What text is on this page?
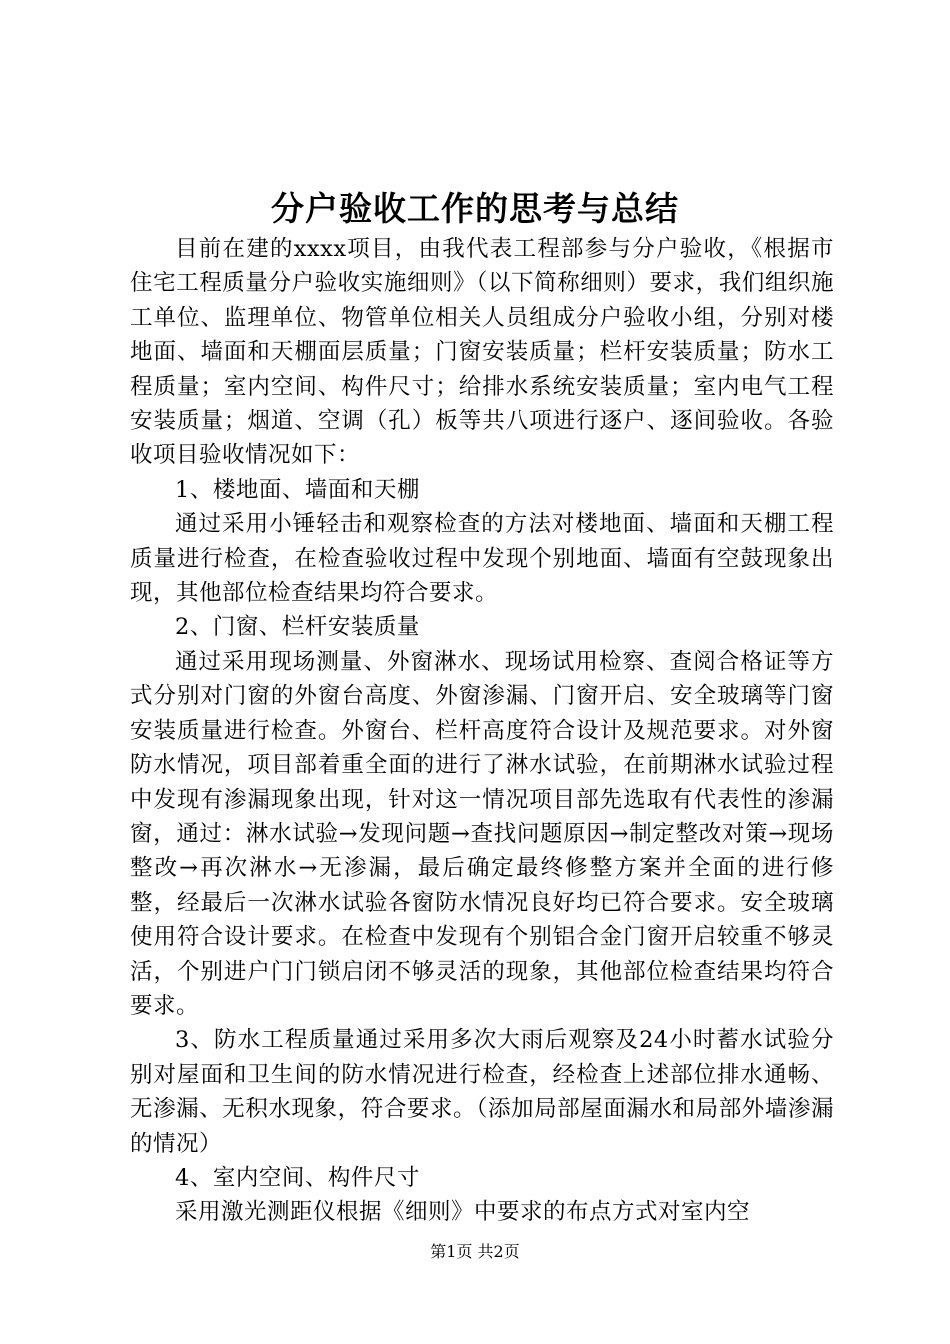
分户验收工作的思考与总结

目前在建的xxxx项目，由我代表工程部参与分户验收，《根据市住宅工程质量分户验收实施细则》（以下简称细则）要求，我们组织施工单位、监理单位、物管单位相关人员组成分户验收小组，分别对楼地面、墙面和天棚面层质量；门窗安装质量；栏杆安装质量；防水工程质量；室内空间、构件尺寸；给排水系统安装质量；室内电气工程安装质量；烟道、空调（孔）板等共八项进行逐户、逐间验收。各验收项目验收情况如下：

1、楼地面、墙面和天棚

通过采用小锤轻击和观察检查的方法对楼地面、墙面和天棚工程质量进行检查，在检查验收过程中发现个别地面、墙面有空鼓现象出现，其他部位检查结果均符合要求。

2、门窗、栏杆安装质量

通过采用现场测量、外窗淋水、现场试用检察、查阅合格证等方式分别对门窗的外窗台高度、外窗渗漏、门窗开启、安全玻璃等门窗安装质量进行检查。外窗台、栏杆高度符合设计及规范要求。对外窗防水情况，项目部着重全面的进行了淋水试验，在前期淋水试验过程中发现有渗漏现象出现，针对这一情况项目部先选取有代表性的渗漏窗，通过：淋水试验→发现问题→查找问题原因→制定整改对策→现场整改→再次淋水→无渗漏，最后确定最终修整方案并全面的进行修整，经最后一次淋水试验各窗防水情况良好均已符合要求。安全玻璃使用符合设计要求。在检查中发现有个别铝合金门窗开启较重不够灵活，个别进户门门锁启闭不够灵活的现象，其他部位检查结果均符合要求。

3、防水工程质量通过采用多次大雨后观察及24小时蓄水试验分别对屋面和卫生间的防水情况进行检查，经检查上述部位排水通畅、无渗漏、无积水现象，符合要求。（添加局部屋面漏水和局部外墙渗漏的情况）

4、室内空间、构件尺寸

采用激光测距仪根据《细则》中要求的布点方式对室内空

第1页 共2页
